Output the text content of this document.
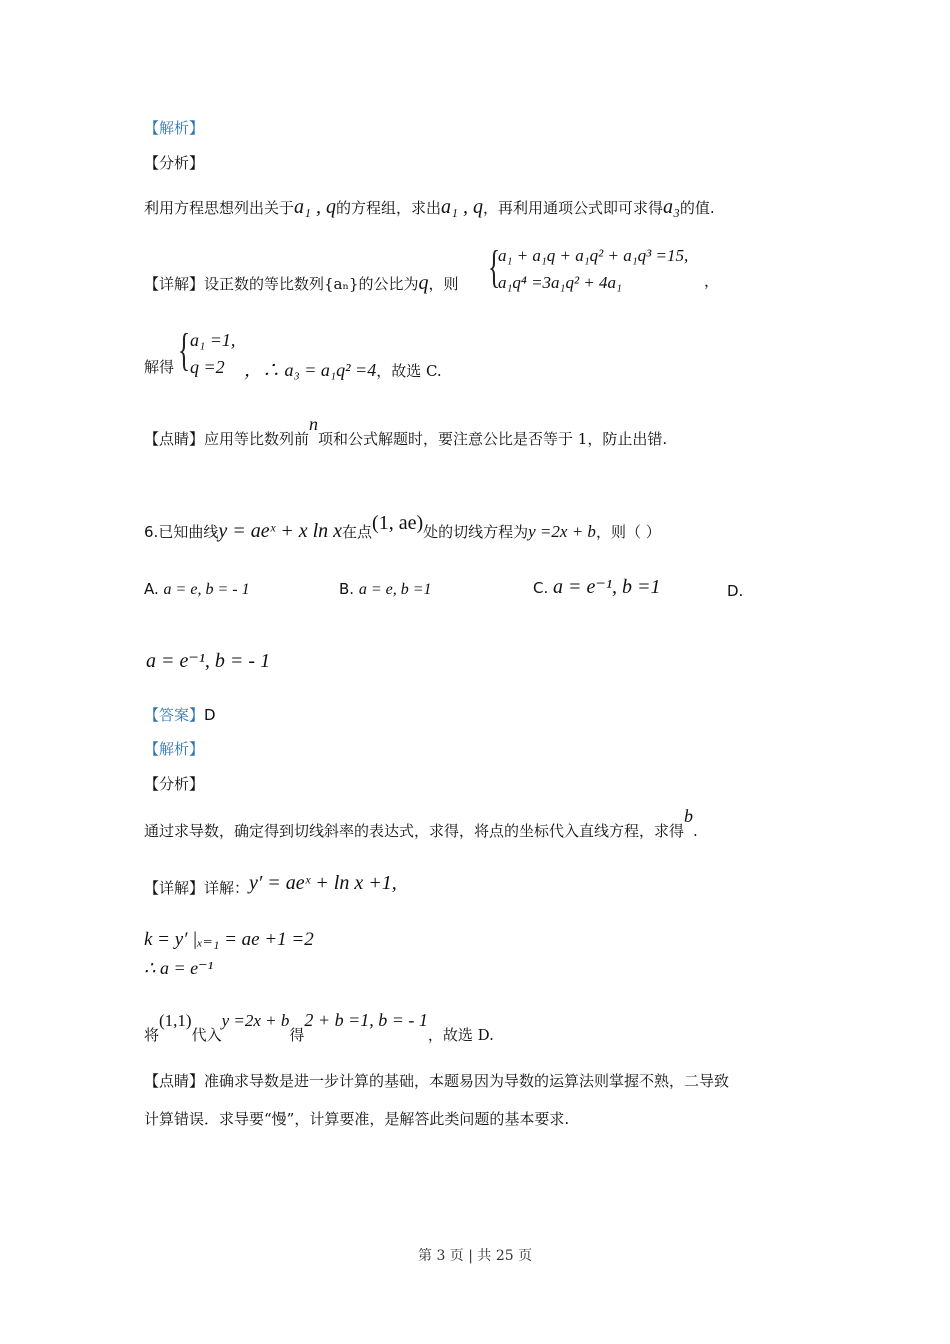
【解析】
【分析】
利用方程思想列出关于a₁ , q的方程组，求出a₁ , q，再利用通项公式即可求得a₃的值.
【详解】设正数的等比数列{aₙ}的公比为q，则 {
a₁ + a₁q + a₁q² + a₁q³ =15,
a₁q⁴ =3a₁q² + 4a₁	，
解得 { a₁ =1,
q =2 ，∴ a₃ = a₁q² =4，故选 C.
【点睛】应用等比数列前n项和公式解题时，要注意公比是否等于 1，防止出错.
6.已知曲线y = aeˣ + x ln x在点(1, ae)处的切线方程为y =2x + b，则（ ）
A. a = e, b = - 1	B. a = e, b =1	C. a = e⁻¹, b =1	D.
a = e⁻¹, b = - 1
【答案】D
【解析】
【分析】
通过求导数，确定得到切线斜率的表达式，求得，将点的坐标代入直线方程，求得b.
【详解】详解：y′ = aeˣ + ln x +1,
k = y′ |ₓ₌₁ = ae +1 =2
∴ a = e⁻¹
将(1,1)代入y =2x + b得2 + b =1, b = - 1，故选 D.
【点睛】准确求导数是进一步计算的基础，本题易因为导数的运算法则掌握不熟，二导致
计算错误．求导要“慢”，计算要准，是解答此类问题的基本要求.
第 3 页 | 共 25 页
